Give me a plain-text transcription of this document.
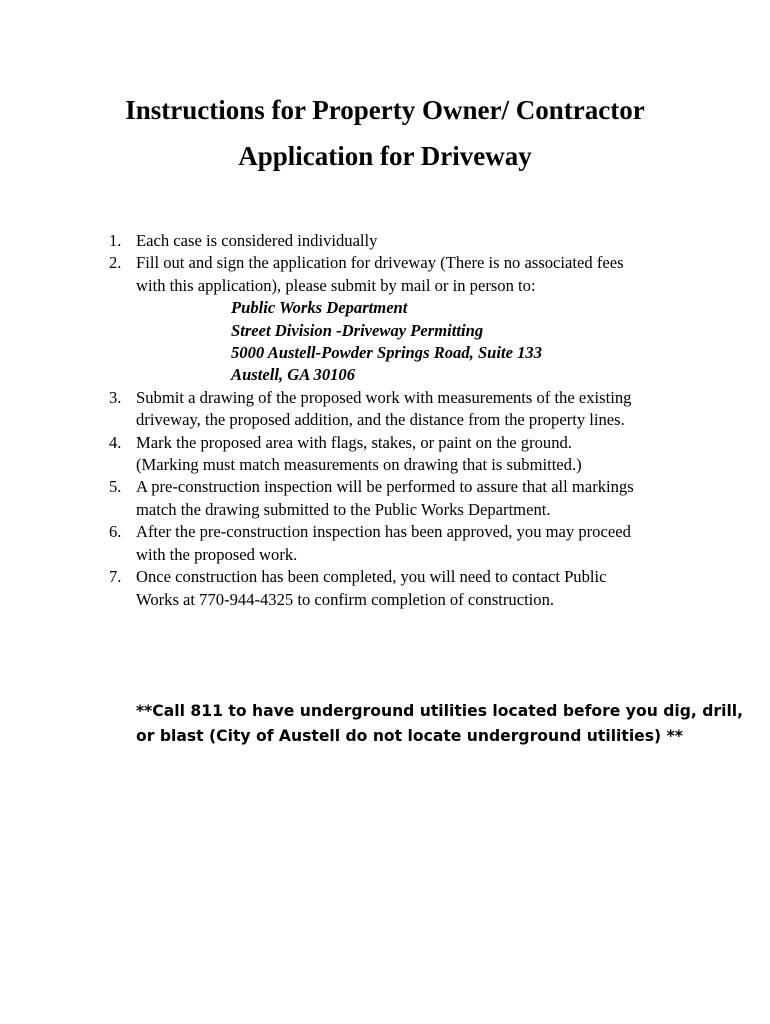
Instructions for Property Owner/ Contractor
Application for Driveway
1. Each case is considered individually
2. Fill out and sign the application for driveway (There is no associated fees
with this application), please submit by mail or in person to:
Public Works Department
Street Division -Driveway Permitting
5000 Austell-Powder Springs Road, Suite 133
Austell, GA 30106
3. Submit a drawing of the proposed work with measurements of the existing
driveway, the proposed addition, and the distance from the property lines.
4. Mark the proposed area with flags, stakes, or paint on the ground.
(Marking must match measurements on drawing that is submitted.)
5. A pre-construction inspection will be performed to assure that all markings
match the drawing submitted to the Public Works Department.
6. After the pre-construction inspection has been approved, you may proceed
with the proposed work.
7. Once construction has been completed, you will need to contact Public
Works at 770-944-4325 to confirm completion of construction.
**Call 811 to have underground utilities located before you dig, drill,
or blast (City of Austell do not locate underground utilities) **
